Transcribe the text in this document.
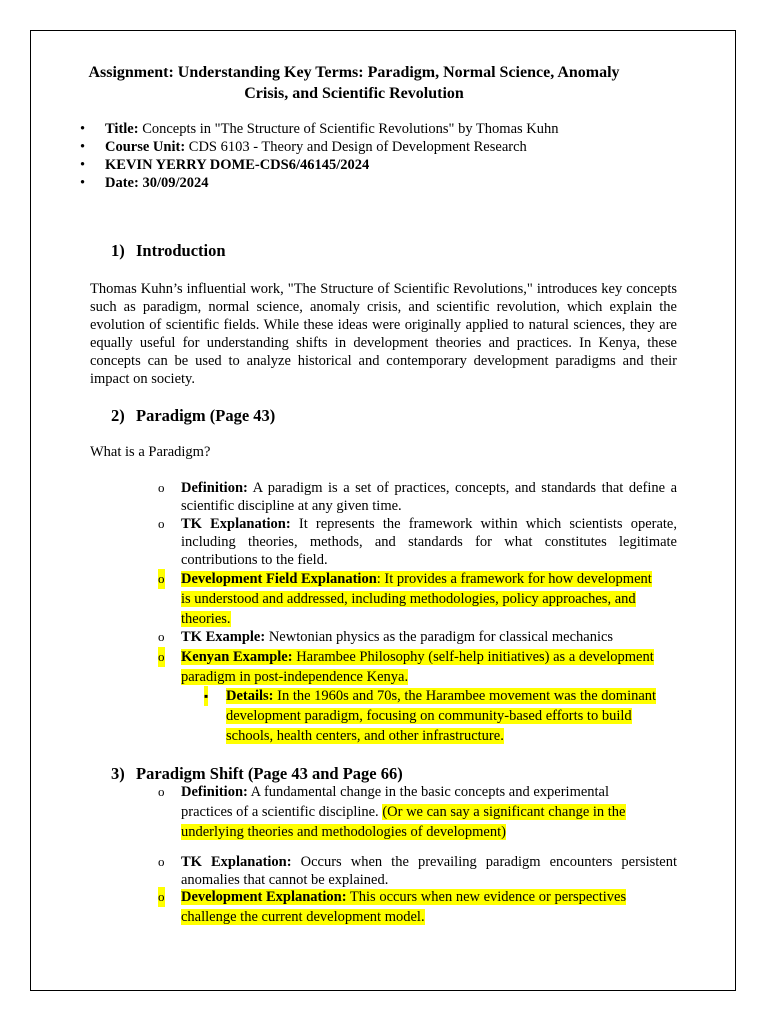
Assignment: Understanding Key Terms: Paradigm, Normal Science, Anomaly Crisis, and Scientific Revolution
• Title: Concepts in "The Structure of Scientific Revolutions" by Thomas Kuhn
• Course Unit: CDS 6103 - Theory and Design of Development Research
• KEVIN YERRY DOME-CDS6/46145/2024
• Date: 30/09/2024
1) Introduction
Thomas Kuhn’s influential work, "The Structure of Scientific Revolutions," introduces key concepts such as paradigm, normal science, anomaly crisis, and scientific revolution, which explain the evolution of scientific fields. While these ideas were originally applied to natural sciences, they are equally useful for understanding shifts in development theories and practices. In Kenya, these concepts can be used to analyze historical and contemporary development paradigms and their impact on society.
2) Paradigm (Page 43)
What is a Paradigm?
o Definition: A paradigm is a set of practices, concepts, and standards that define a scientific discipline at any given time.
o TK Explanation: It represents the framework within which scientists operate, including theories, methods, and standards for what constitutes legitimate contributions to the field.
o Development Field Explanation: It provides a framework for how development
is understood and addressed, including methodologies, policy approaches, and
theories.
o TK Example: Newtonian physics as the paradigm for classical mechanics
o Kenyan Example: Harambee Philosophy (self-help initiatives) as a development
paradigm in post-independence Kenya.
▪ Details: In the 1960s and 70s, the Harambee movement was the dominant
development paradigm, focusing on community-based efforts to build
schools, health centers, and other infrastructure.
3) Paradigm Shift (Page 43 and Page 66)
o Definition: A fundamental change in the basic concepts and experimental
practices of a scientific discipline. (Or we can say a significant change in the
underlying theories and methodologies of development)
o TK Explanation: Occurs when the prevailing paradigm encounters persistent anomalies that cannot be explained.
o Development Explanation: This occurs when new evidence or perspectives
challenge the current development model.
